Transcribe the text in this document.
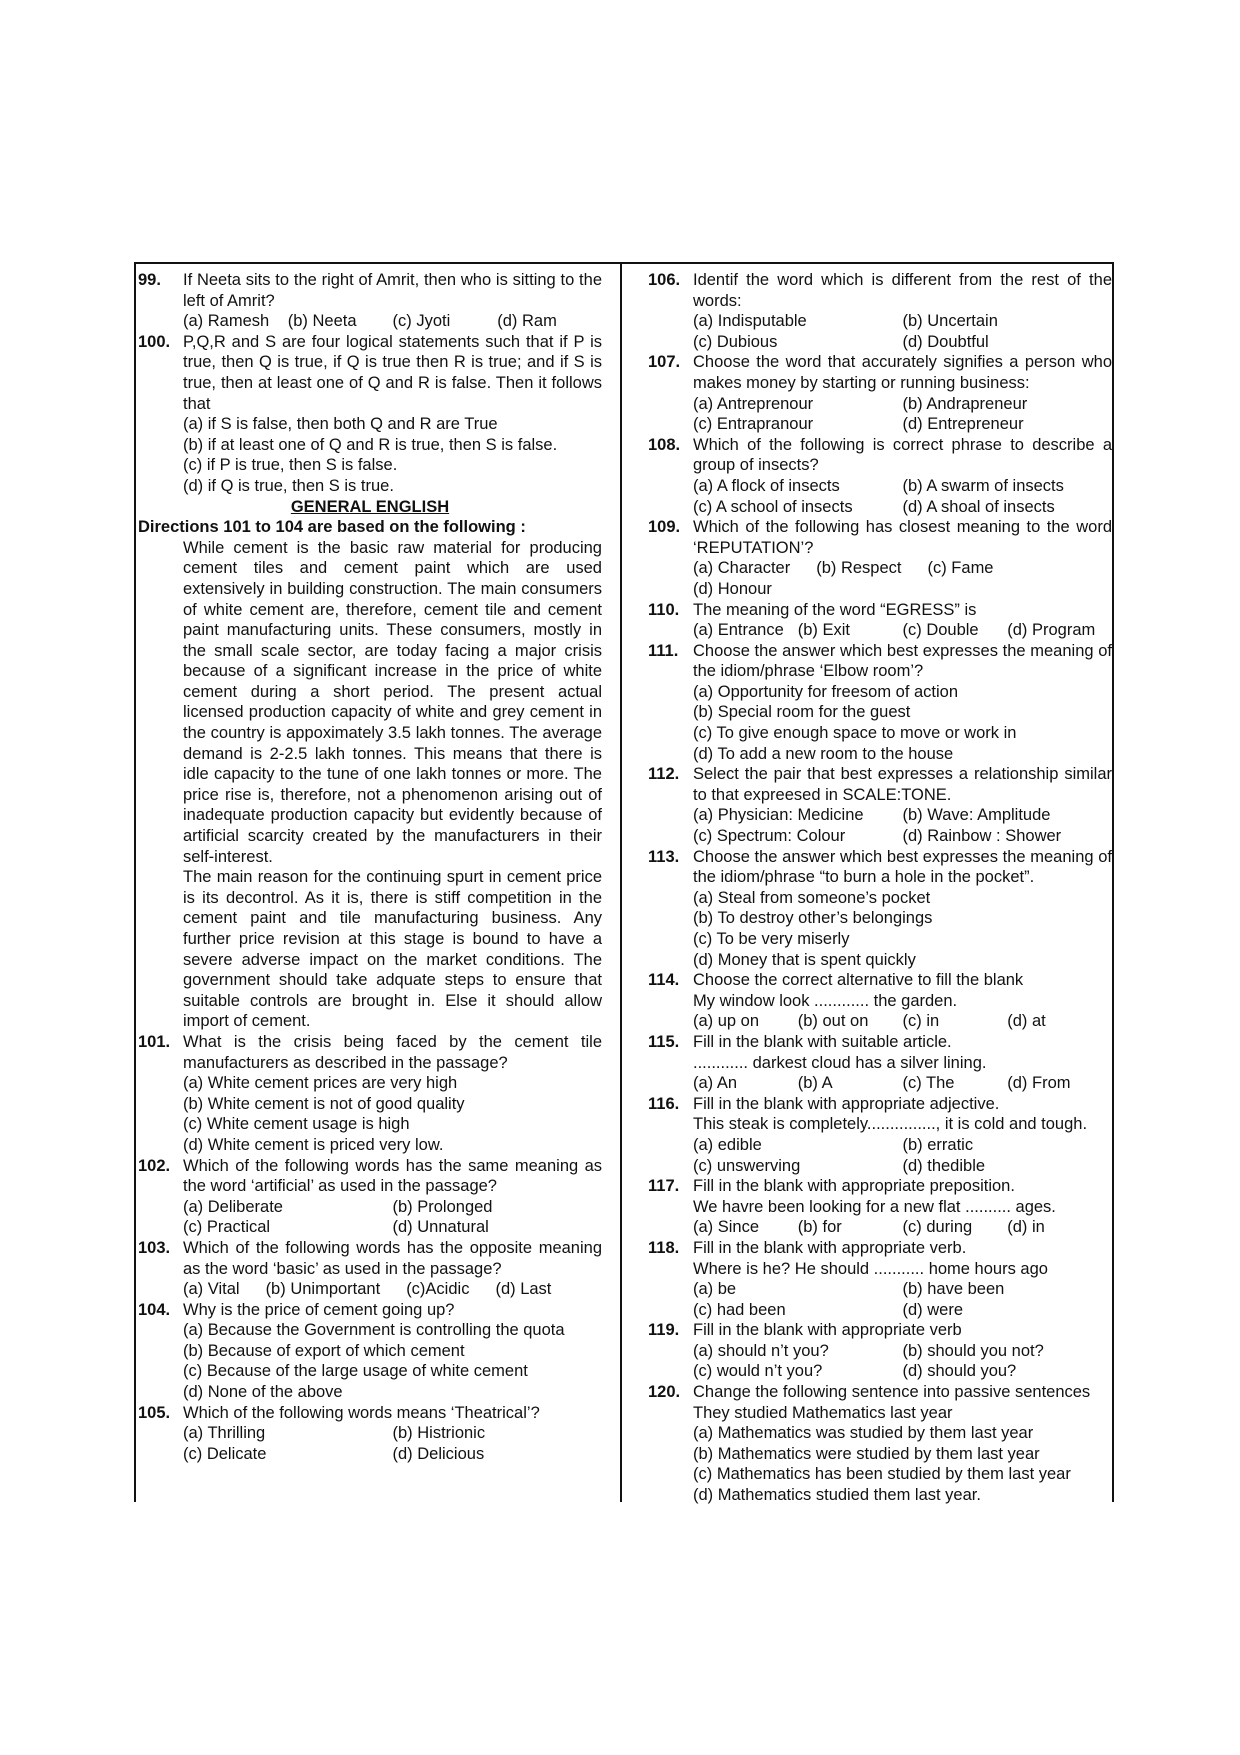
99. If Neeta sits to the right of Amrit, then who is sitting to the left of Amrit?
(a) Ramesh	(b) Neeta	(c) Jyoti	(d) Ram
100. P,Q,R and S are four logical statements such that if P is true, then Q is true, if Q is true then R is true; and if S is true, then at least one of Q and R is false. Then it follows that
(a) if S is false, then both Q and R are True
(b) if at least one of Q and R is true, then S is false.
(c) if P is true, then S is false.
(d) if Q is true, then S is true.
GENERAL ENGLISH
Directions 101 to 104 are based on the following :

While cement is the basic raw material for producing cement tiles and cement paint which are used extensively in building construction. The main consumers of white cement are, therefore, cement tile and cement paint manufacturing units. These consumers, mostly in the small scale sector, are today facing a major crisis because of a significant increase in the price of white cement during a short period. The present actual licensed production capacity of white and grey cement in the country is appoximately 3.5 lakh tonnes. The average demand is 2-2.5 lakh tonnes. This means that there is idle capacity to the tune of one lakh tonnes or more. The price rise is, therefore, not a phenomenon arising out of inadequate production capacity but evidently because of artificial scarcity created by the manufacturers in their self-interest.

The main reason for the continuing spurt in cement price is its decontrol. As it is, there is stiff competition in the cement paint and tile manufacturing business. Any further price revision at this stage is bound to have a severe adverse impact on the market conditions. The government should take adquate steps to ensure that suitable controls are brought in. Else it should allow import of cement.

101. What is the crisis being faced by the cement tile manufacturers as described in the passage?
(a) White cement prices are very high
(b) White cement is not of good quality
(c) White cement usage is high
(d) White cement is priced very low.
102. Which of the following words has the same meaning as the word ‘artificial’ as used in the passage?
(a) Deliberate	(b) Prolonged
(c) Practical	(d) Unnatural
103. Which of the following words has the opposite meaning as the word ‘basic’ as used in the passage?
(a) Vital (b) Unimportant (c)Acidic (d) Last
104. Why is the price of cement going up?
(a) Because the Government is controlling the quota
(b) Because of export of which cement
(c) Because of the large usage of white cement
(d) None of the above
105. Which of the following words means ‘Theatrical’?
(a) Thrilling	(b) Histrionic
(c) Delicate	(d) Delicious
106. Identif the word which is different from the rest of the words:
(a) Indisputable	(b) Uncertain
(c) Dubious	(d) Doubtful
107. Choose the word that accurately signifies a person who makes money by starting or running business:
(a) Antreprenour	(b) Andrapreneur
(c) Entrapranour	(d) Entrepreneur
108. Which of the following is correct phrase to describe a group of insects?
(a) A flock of insects	(b) A swarm of insects
(c) A school of insects	(d) A shoal of insects
109. Which of the following has closest meaning to the word ‘REPUTATION’?
(a) Character (b) Respect (c) Fame
(d) Honour
110. The meaning of the word “EGRESS” is
(a) Entrance (b) Exit	(c) Double	(d) Program
111. Choose the answer which best expresses the meaning of the idiom/phrase ‘Elbow room’?
(a) Opportunity for freesom of action
(b) Special room for the guest
(c) To give enough space to move or work in
(d) To add a new room to the house
112. Select the pair that best expresses a relationship similar to that expreesed in SCALE:TONE.
(a) Physician: Medicine	(b) Wave: Amplitude
(c) Spectrum: Colour	(d) Rainbow : Shower
113. Choose the answer which best expresses the meaning of the idiom/phrase “to burn a hole in the pocket”.
(a) Steal from someone’s pocket
(b) To destroy other’s belongings
(c) To be very miserly
(d) Money that is spent quickly
114. Choose the correct alternative to fill the blank
My window look ............ the garden.
(a) up on	(b) out on	(c) in	(d) at
115. Fill in the blank with suitable article.
............ darkest cloud has a silver lining.
(a) An	(b) A	(c) The	(d) From
116. Fill in the blank with appropriate adjective.
This steak is completely..............., it is cold and tough.
(a) edible	(b) erratic
(c) unswerving	(d) thedible
117. Fill in the blank with appropriate preposition.
We havre been looking for a new flat .......... ages.
(a) Since	(b) for	(c) during	(d) in
118. Fill in the blank with appropriate verb.
Where is he? He should ........... home hours ago
(a) be	(b) have been
(c) had been	(d) were
119. Fill in the blank with appropriate verb
(a) should n’t you?	(b) should you not?
(c) would n’t you?	(d) should you?
120. Change the following sentence into passive sentences
They studied Mathematics last year
(a) Mathematics was studied by them last year
(b) Mathematics were studied by them last year
(c) Mathematics has been studied by them last year
(d) Mathematics studied them last year.
